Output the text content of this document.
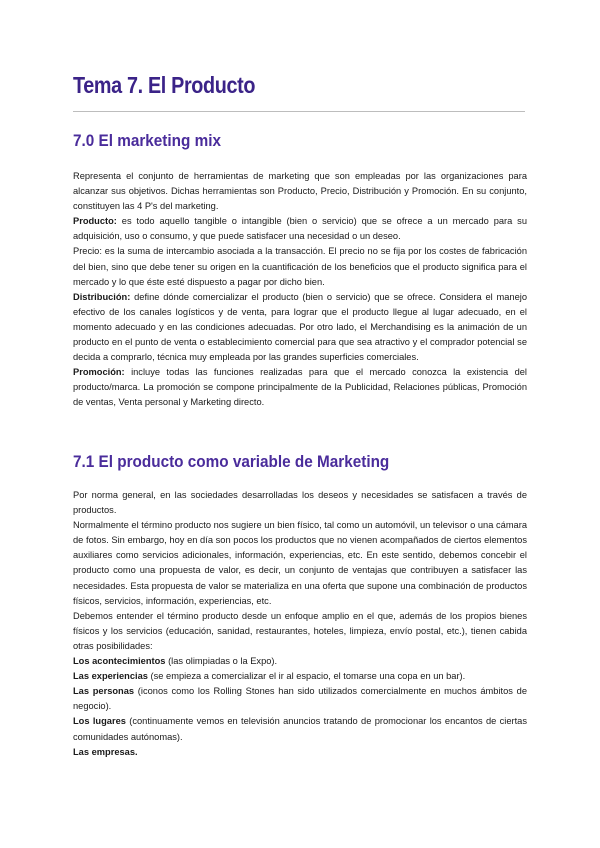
Tema 7. El Producto
7.0 El marketing mix

Representa el conjunto de herramientas de marketing que son empleadas por las organizaciones para alcanzar sus objetivos. Dichas herramientas son Producto, Precio, Distribución y Promoción. En su conjunto, constituyen las 4 P's del marketing.

Producto: es todo aquello tangible o intangible (bien o servicio) que se ofrece a un mercado para su adquisición, uso o consumo, y que puede satisfacer una necesidad o un deseo.

Precio: es la suma de intercambio asociada a la transacción. El precio no se fija por los costes de fabricación del bien, sino que debe tener su origen en la cuantificación de los beneficios que el producto significa para el mercado y lo que éste esté dispuesto a pagar por dicho bien.

Distribución: define dónde comercializar el producto (bien o servicio) que se ofrece. Considera el manejo efectivo de los canales logísticos y de venta, para lograr que el producto llegue al lugar adecuado, en el momento adecuado y en las condiciones adecuadas. Por otro lado, el Merchandising es la animación de un producto en el punto de venta o establecimiento comercial para que sea atractivo y el comprador potencial se decida a comprarlo, técnica muy empleada por las grandes superficies comerciales.

Promoción: incluye todas las funciones realizadas para que el mercado conozca la existencia del producto/marca. La promoción se compone principalmente de la Publicidad, Relaciones públicas, Promoción de ventas, Venta personal y Marketing directo.

7.1 El producto como variable de Marketing

Por norma general, en las sociedades desarrolladas los deseos y necesidades se satisfacen a través de productos.

Normalmente el término producto nos sugiere un bien físico, tal como un automóvil, un televisor o una cámara de fotos. Sin embargo, hoy en día son pocos los productos que no vienen acompañados de ciertos elementos auxiliares como servicios adicionales, información, experiencias, etc. En este sentido, debemos concebir el producto como una propuesta de valor, es decir, un conjunto de ventajas que contribuyen a satisfacer las necesidades. Esta propuesta de valor se materializa en una oferta que supone una combinación de productos físicos, servicios, información, experiencias, etc.

Debemos entender el término producto desde un enfoque amplio en el que, además de los propios bienes físicos y los servicios (educación, sanidad, restaurantes, hoteles, limpieza, envío postal, etc.), tienen cabida otras posibilidades:

Los acontecimientos (las olimpiadas o la Expo).

Las experiencias (se empieza a comercializar el ir al espacio, el tomarse una copa en un bar).

Las personas (iconos como los Rolling Stones han sido utilizados comercialmente en muchos ámbitos de negocio).

Los lugares (continuamente vemos en televisión anuncios tratando de promocionar los encantos de ciertas comunidades autónomas).

Las empresas.
